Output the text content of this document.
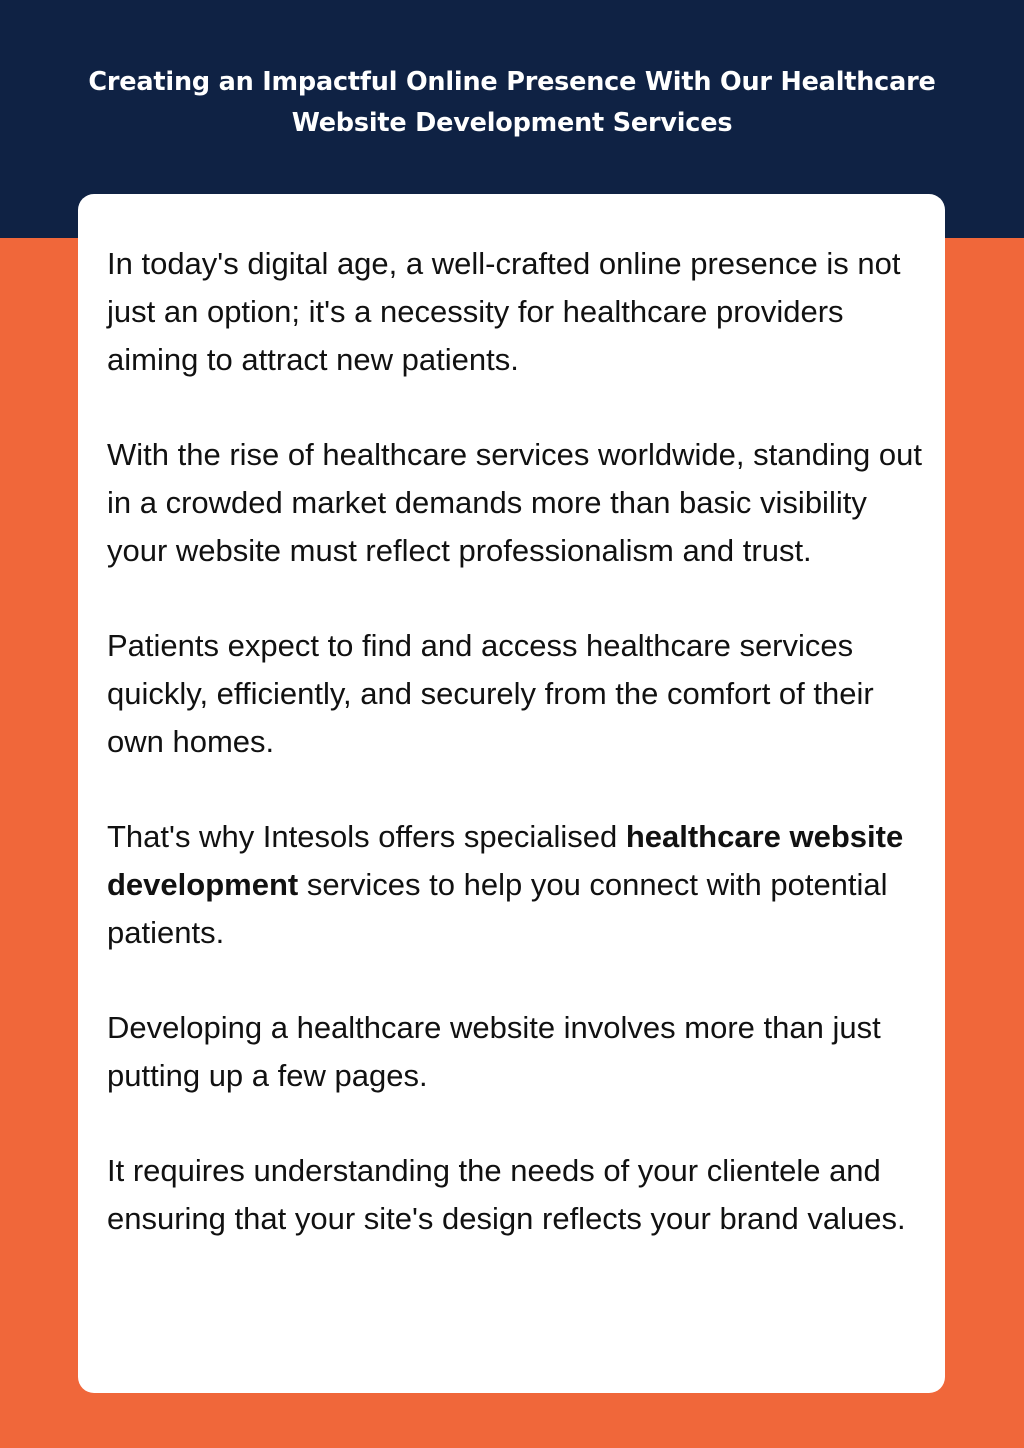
Creating an Impactful Online Presence With Our Healthcare Website Development Services

In today's digital age, a well-crafted online presence is not just an option; it's a necessity for healthcare providers aiming to attract new patients.

With the rise of healthcare services worldwide, standing out in a crowded market demands more than basic visibility your website must reflect professionalism and trust.

Patients expect to find and access healthcare services quickly, efficiently, and securely from the comfort of their own homes.

That's why Intesols offers specialised healthcare website development services to help you connect with potential patients.

Developing a healthcare website involves more than just putting up a few pages.

It requires understanding the needs of your clientele and ensuring that your site's design reflects your brand values.
